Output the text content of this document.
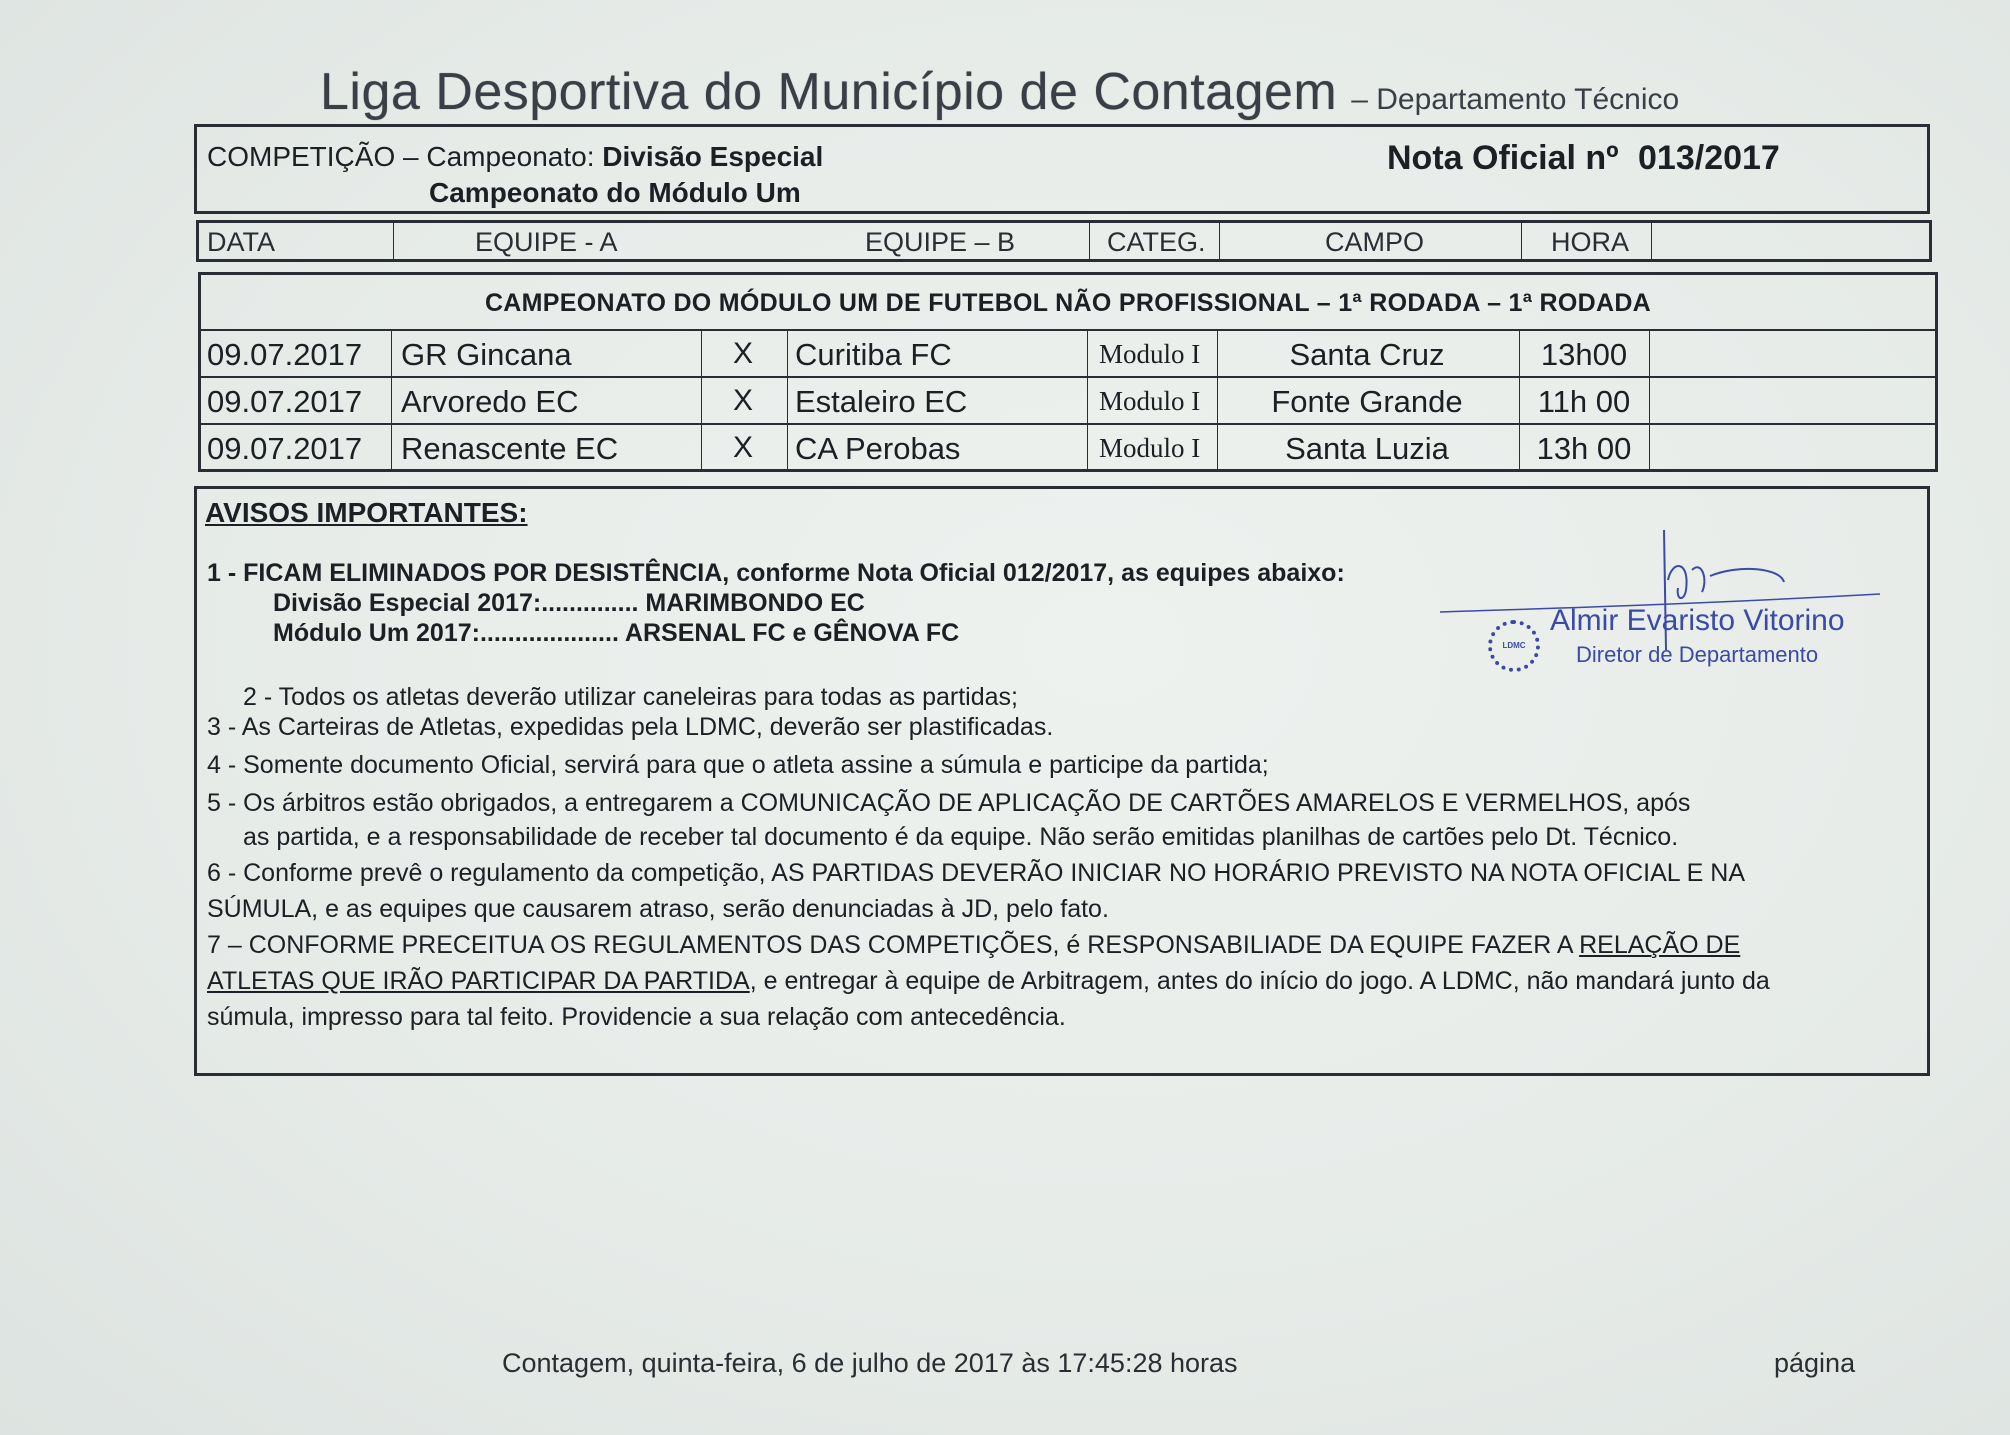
Liga Desportiva do Município de Contagem – Departamento Técnico
COMPETIÇÃO – Campeonato: Divisão Especial
Campeonato do Módulo Um
Nota Oficial nº 013/2017
DATA	EQUIPE - A	EQUIPE – B	CATEG.	CAMPO	HORA
CAMPEONATO DO MÓDULO UM DE FUTEBOL NÃO PROFISSIONAL – 1ª RODADA – 1ª RODADA
09.07.2017 GR Gincana	X Curitiba FC	Modulo I	Santa Cruz	13h00
09.07.2017 Arvoredo EC	X Estaleiro EC	Modulo I	Fonte Grande	11h 00
09.07.2017 Renascente EC	X CA Perobas	Modulo I	Santa Luzia	13h 00
AVISOS IMPORTANTES:
1 - FICAM ELIMINADOS POR DESISTÊNCIA, conforme Nota Oficial 012/2017, as equipes abaixo:
Divisão Especial 2017:.............. MARIMBONDO EC
Módulo Um 2017:.................... ARSENAL FC e GÊNOVA FC
2 - Todos os atletas deverão utilizar caneleiras para todas as partidas;
3 - As Carteiras de Atletas, expedidas pela LDMC, deverão ser plastificadas.
4 - Somente documento Oficial, servirá para que o atleta assine a súmula e participe da partida;
5 - Os árbitros estão obrigados, a entregarem a COMUNICAÇÃO DE APLICAÇÃO DE CARTÕES AMARELOS E VERMELHOS, após
as partida, e a responsabilidade de receber tal documento é da equipe. Não serão emitidas planilhas de cartões pelo Dt. Técnico.
6 - Conforme prevê o regulamento da competição, AS PARTIDAS DEVERÃO INICIAR NO HORÁRIO PREVISTO NA NOTA OFICIAL E NA
SÚMULA, e as equipes que causarem atraso, serão denunciadas à JD, pelo fato.
7 – CONFORME PRECEITUA OS REGULAMENTOS DAS COMPETIÇÕES, é RESPONSABILIADE DA EQUIPE FAZER A RELAÇÃO DE
ATLETAS QUE IRÃO PARTICIPAR DA PARTIDA, e entregar à equipe de Arbitragem, antes do início do jogo. A LDMC, não mandará junto da
súmula, impresso para tal feito. Providencie a sua relação com antecedência.
LDMC
Almir Evaristo Vitorino
Diretor de Departamento
Contagem, quinta-feira, 6 de julho de 2017 às 17:45:28 horas	página
